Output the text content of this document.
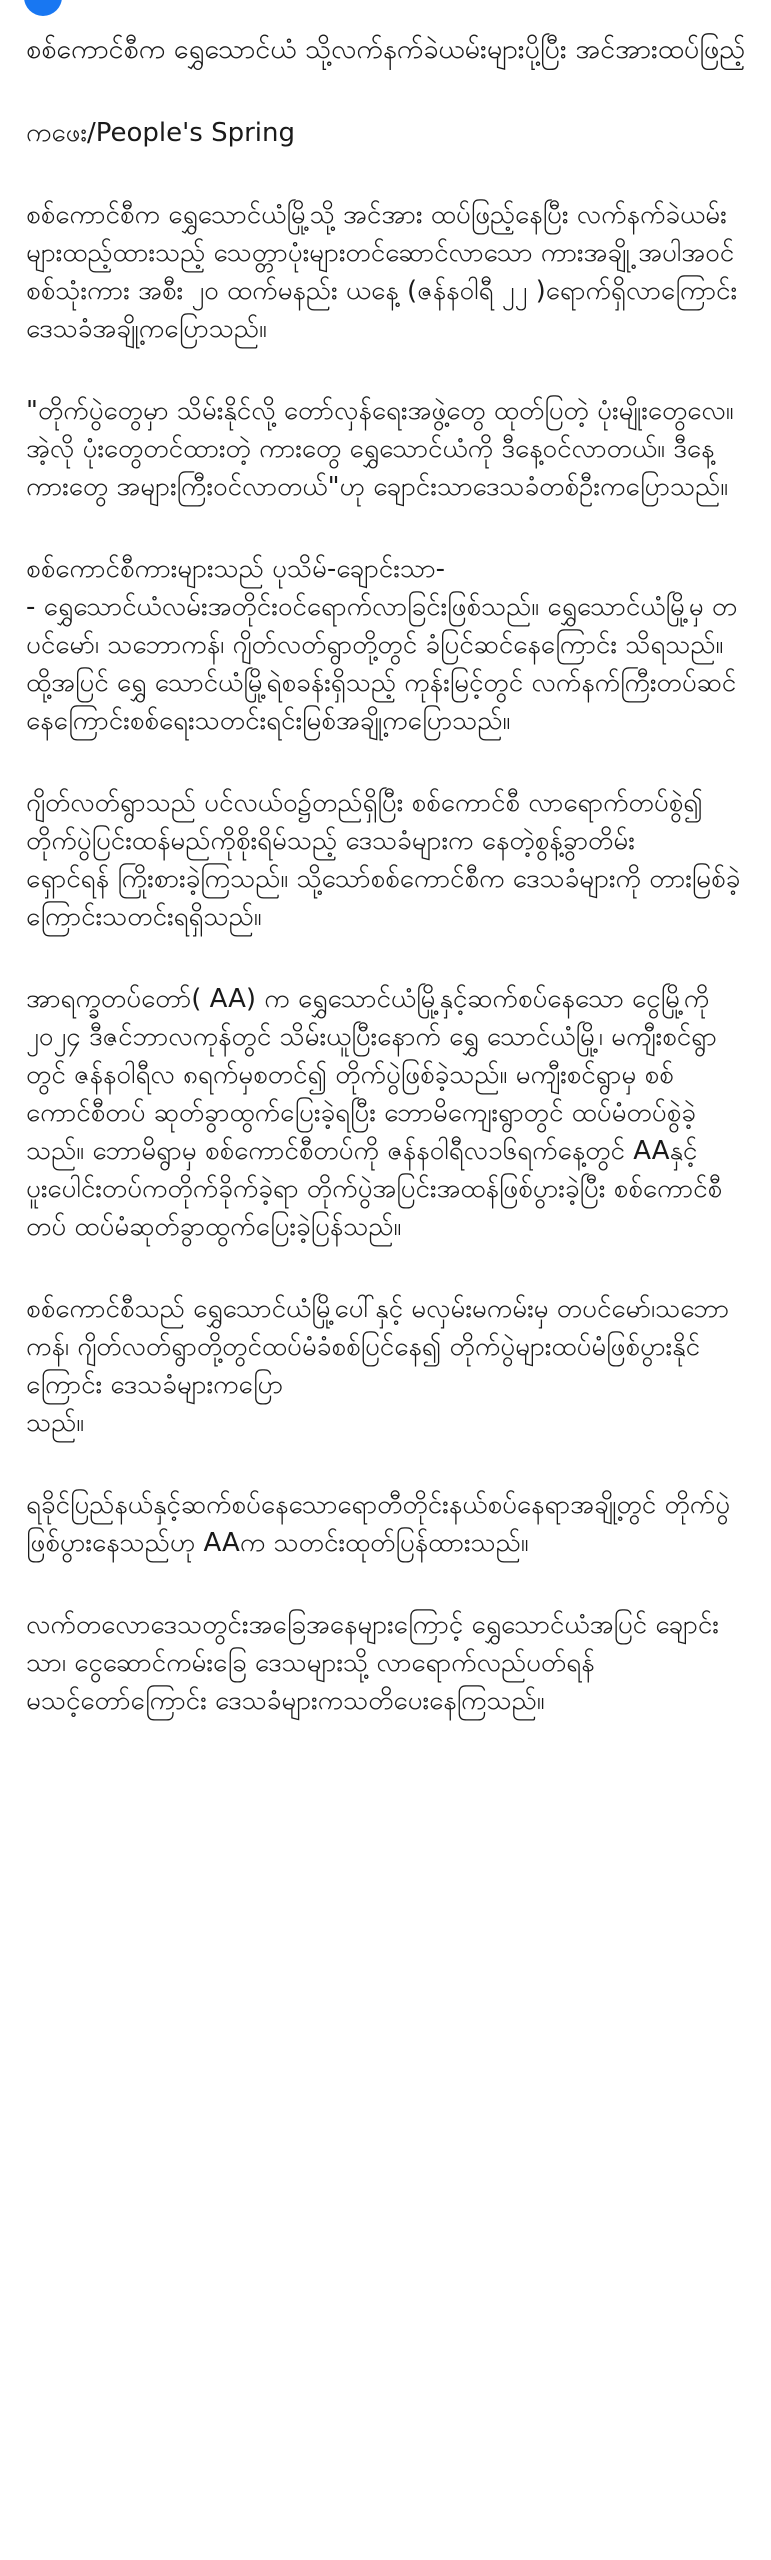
စစ်ကောင်စီက ရွှေသောင်ယံ သို့လက်နက်ခဲယမ်းများပို့ပြီး အင်အားထပ်ဖြည့်
ကဖေး/People's Spring
စစ်ကောင်စီက ရွှေသောင်ယံမြို့သို့ အင်အား ထပ်ဖြည့်နေပြီး လက်နက်ခဲယမ်းများထည့်ထားသည့် သေတ္တာပုံးများတင်ဆောင်လာသော ကားအချို့ အပါအဝင် စစ်သုံးကား အစီး ၂၀ ထက်မနည်း ယနေ့ (ဇန်နဝါရီ ၂၂ )ရောက်ရှိလာကြောင်းဒေသခံအချို့ကပြောသည်။
"တိုက်ပွဲတွေမှာ သိမ်းနိုင်လို့ တော်လှန်ရေးအဖွဲ့တွေ ထုတ်ပြတဲ့ ပုံးမျိုးတွေလေ။ အဲ့လို ပုံးတွေတင်ထားတဲ့ ကားတွေ ရွှေသောင်ယံကို ဒီနေ့ဝင်လာတယ်။ ဒီနေ့ ကားတွေ အများကြီးဝင်လာတယ်"ဟု ချောင်းသာဒေသခံတစ်ဦးကပြောသည်။
စစ်ကောင်စီကားများသည် ပုသိမ်-ချောင်းသာ-
- ရွှေသောင်ယံလမ်းအတိုင်းဝင်ရောက်လာခြင်းဖြစ်သည်။ ရွှေသောင်ယံမြို့မှ တပင်မော်၊ သဘောကန်၊ ဂျိတ်လတ်ရွာတို့တွင် ခံပြင်ဆင်နေကြောင်း သိရသည်။ ထို့အပြင် ရွှေ သောင်ယံမြို့ရဲစခန်းရှိသည့် ကုန်းမြင့်တွင် လက်နက်ကြီးတပ်ဆင်နေကြောင်းစစ်ရေးသတင်းရင်းမြစ်အချို့ကပြောသည်။
ဂျိတ်လတ်ရွာသည် ပင်လယ်ဝ၌တည်ရှိပြီး စစ်ကောင်စီ လာရောက်တပ်စွဲ၍ တိုက်ပွဲပြင်းထန်မည်ကိုစိုးရိမ်သည့် ဒေသခံများက နေတဲ့စွန့်ခွာတိမ်း
ရှောင်ရန် ကြိုးစားခဲ့ကြသည်။ သို့သော်စစ်ကောင်စီက ဒေသခံများကို တားမြစ်ခဲ့ကြောင်းသတင်းရရှိသည်။
အာရက္ခတပ်တော်( AA) က ရွှေသောင်ယံမြို့နှင့်ဆက်စပ်နေသော ငွေမြို့ကို ၂၀၂၄ ဒီဇင်ဘာလကုန်တွင် သိမ်းယူပြီးနောက် ရွှေ သောင်ယံမြို့၊ မကျီးစင်ရွာတွင် ဇန်နဝါရီလ ၈ရက်မှစတင်၍ တိုက်ပွဲဖြစ်ခဲ့သည်။ မကျီးစင်ရွာမှ စစ်ကောင်စီတပ် ဆုတ်ခွာထွက်ပြေးခဲ့ရပြီး ဘောမိကျေးရွာတွင် ထပ်မံတပ်စွဲခဲ့သည်။ ဘောမိရွာမှ စစ်ကောင်စီတပ်ကို ဇန်နဝါရီလ၁၆ရက်နေ့တွင် AAနှင့် ပူးပေါင်းတပ်ကတိုက်ခိုက်ခဲ့ရာ တိုက်ပွဲအပြင်းအထန်ဖြစ်ပွားခဲ့ပြီး စစ်ကောင်စီတပ် ထပ်မံဆုတ်ခွာထွက်ပြေးခဲ့ပြန်သည်။
စစ်ကောင်စီသည် ရွှေသောင်ယံမြို့ပေါ်နှင့် မလှမ်းမကမ်းမှ တပင်မော်၊သဘောကန်၊ ဂျိတ်လတ်ရွာတို့တွင်ထပ်မံခံစစ်ပြင်နေ၍ တိုက်ပွဲများထပ်မံဖြစ်ပွားနိုင်ကြောင်း ဒေသခံများကပြော
သည်။
ရခိုင်ပြည်နယ်နှင့်ဆက်စပ်နေသောရောတီတိုင်းနယ်စပ်နေရာအချို့တွင် တိုက်ပွဲဖြစ်ပွားနေသည်ဟု AAက သတင်းထုတ်ပြန်ထားသည်။
လက်တလောဒေသတွင်းအခြေအနေများကြောင့် ရွှေသောင်ယံအပြင် ချောင်းသာ၊ ငွေဆောင်ကမ်းခြေ ဒေသများသို့ လာရောက်လည်ပတ်ရန်
မသင့်တော်ကြောင်း ဒေသခံများကသတိပေးနေကြသည်။
